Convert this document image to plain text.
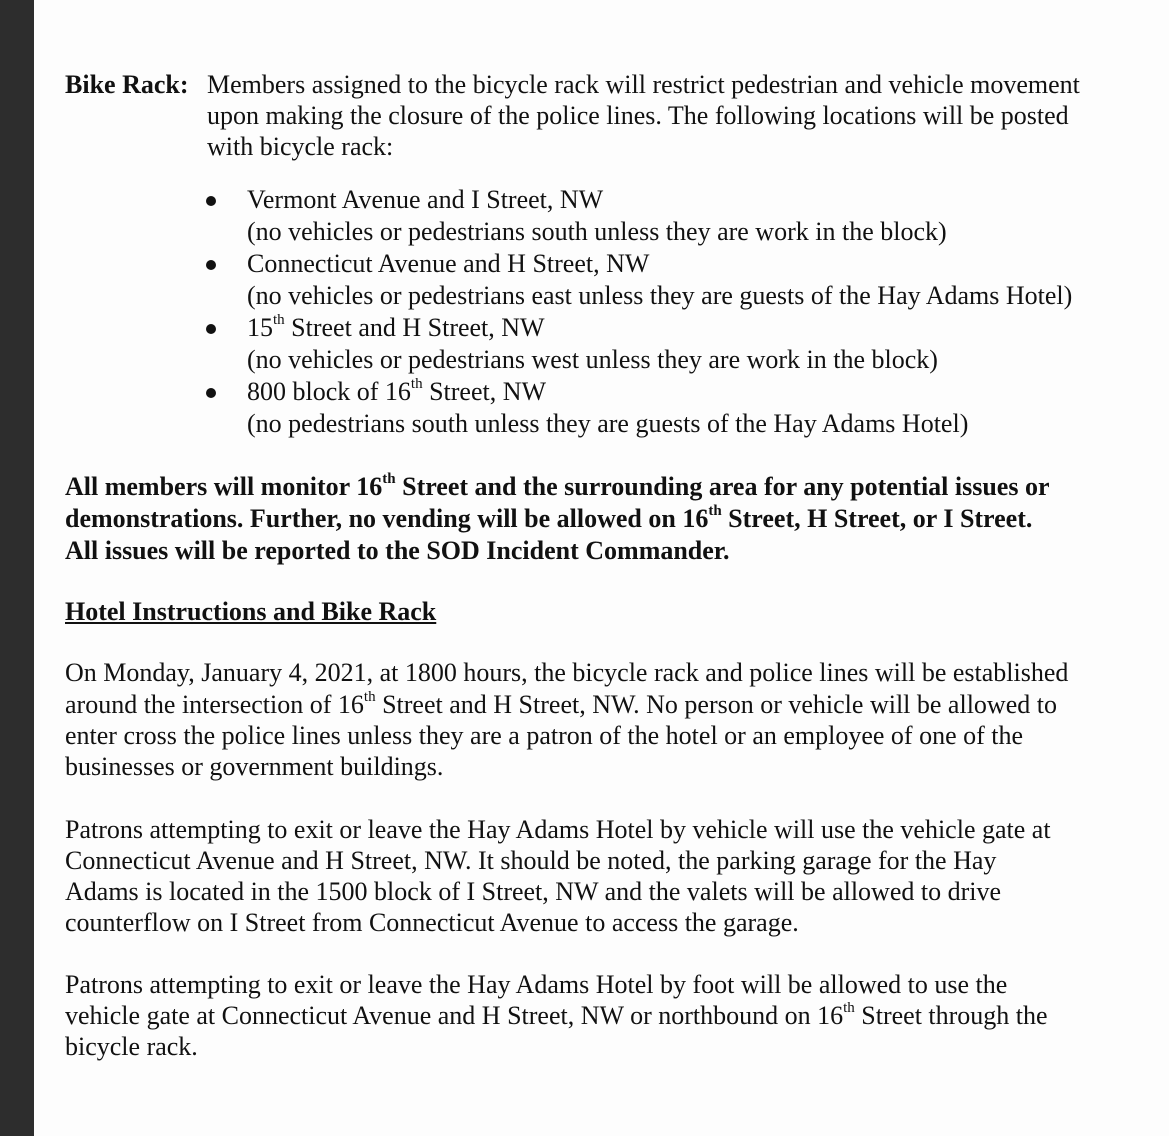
Bike Rack: Members assigned to the bicycle rack will restrict pedestrian and vehicle movement
upon making the closure of the police lines. The following locations will be posted
with bicycle rack:
Vermont Avenue and I Street, NW
(no vehicles or pedestrians south unless they are work in the block)
Connecticut Avenue and H Street, NW
(no vehicles or pedestrians east unless they are guests of the Hay Adams Hotel)
15th Street and H Street, NW
(no vehicles or pedestrians west unless they are work in the block)
800 block of 16th Street, NW
(no pedestrians south unless they are guests of the Hay Adams Hotel)
All members will monitor 16th Street and the surrounding area for any potential issues or
demonstrations. Further, no vending will be allowed on 16th Street, H Street, or I Street.
All issues will be reported to the SOD Incident Commander.
Hotel Instructions and Bike Rack
On Monday, January 4, 2021, at 1800 hours, the bicycle rack and police lines will be established
around the intersection of 16th Street and H Street, NW. No person or vehicle will be allowed to
enter cross the police lines unless they are a patron of the hotel or an employee of one of the
businesses or government buildings.
Patrons attempting to exit or leave the Hay Adams Hotel by vehicle will use the vehicle gate at
Connecticut Avenue and H Street, NW. It should be noted, the parking garage for the Hay
Adams is located in the 1500 block of I Street, NW and the valets will be allowed to drive
counterflow on I Street from Connecticut Avenue to access the garage.
Patrons attempting to exit or leave the Hay Adams Hotel by foot will be allowed to use the
vehicle gate at Connecticut Avenue and H Street, NW or northbound on 16th Street through the
bicycle rack.
